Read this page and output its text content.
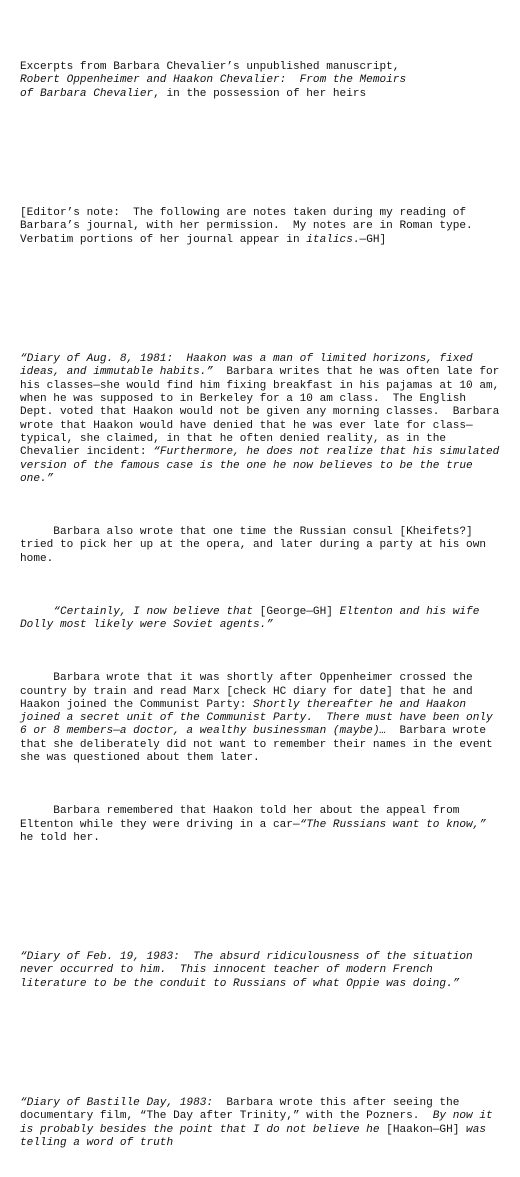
Excerpts from Barbara Chevalier’s unpublished manuscript,
Robert Oppenheimer and Haakon Chevalier:  From the Memoirs
of Barbara Chevalier, in the possession of her heirs

[Editor’s note:  The following are notes taken during my reading of Barbara’s journal, with her permission.  My notes are in Roman type.  Verbatim portions of her journal appear in italics.—GH]

“Diary of Aug. 8, 1981:  Haakon was a man of limited horizons, fixed ideas, and immutable habits.”  Barbara writes that he was often late for his classes—she would find him fixing breakfast in his pajamas at 10 am, when he was supposed to in Berkeley for a 10 am class.  The English Dept. voted that Haakon would not be given any morning classes.  Barbara wrote that Haakon would have denied that he was ever late for class—typical, she claimed, in that he often denied reality, as in the Chevalier incident: “Furthermore, he does not realize that his simulated version of the famous case is the one he now believes to be the true one.”

Barbara also wrote that one time the Russian consul [Kheifets?] tried to pick her up at the opera, and later during a party at his own home.

“Certainly, I now believe that [George—GH] Eltenton and his wife Dolly most likely were Soviet agents.”

Barbara wrote that it was shortly after Oppenheimer crossed the country by train and read Marx [check HC diary for date] that he and Haakon joined the Communist Party: Shortly thereafter he and Haakon joined a secret unit of the Communist Party.  There must have been only 6 or 8 members—a doctor, a wealthy businessman (maybe)…  Barbara wrote that she deliberately did not want to remember their names in the event she was questioned about them later.

Barbara remembered that Haakon told her about the appeal from Eltenton while they were driving in a car—“The Russians want to know,” he told her.

“Diary of Feb. 19, 1983:  The absurd ridiculousness of the situation never occurred to him.  This innocent teacher of modern French literature to be the conduit to Russians of what Oppie was doing.”

“Diary of Bastille Day, 1983:  Barbara wrote this after seeing the documentary film, “The Day after Trinity,” with the Pozners.  By now it is probably besides the point that I do not believe he [Haakon—GH] was telling a word of truth
